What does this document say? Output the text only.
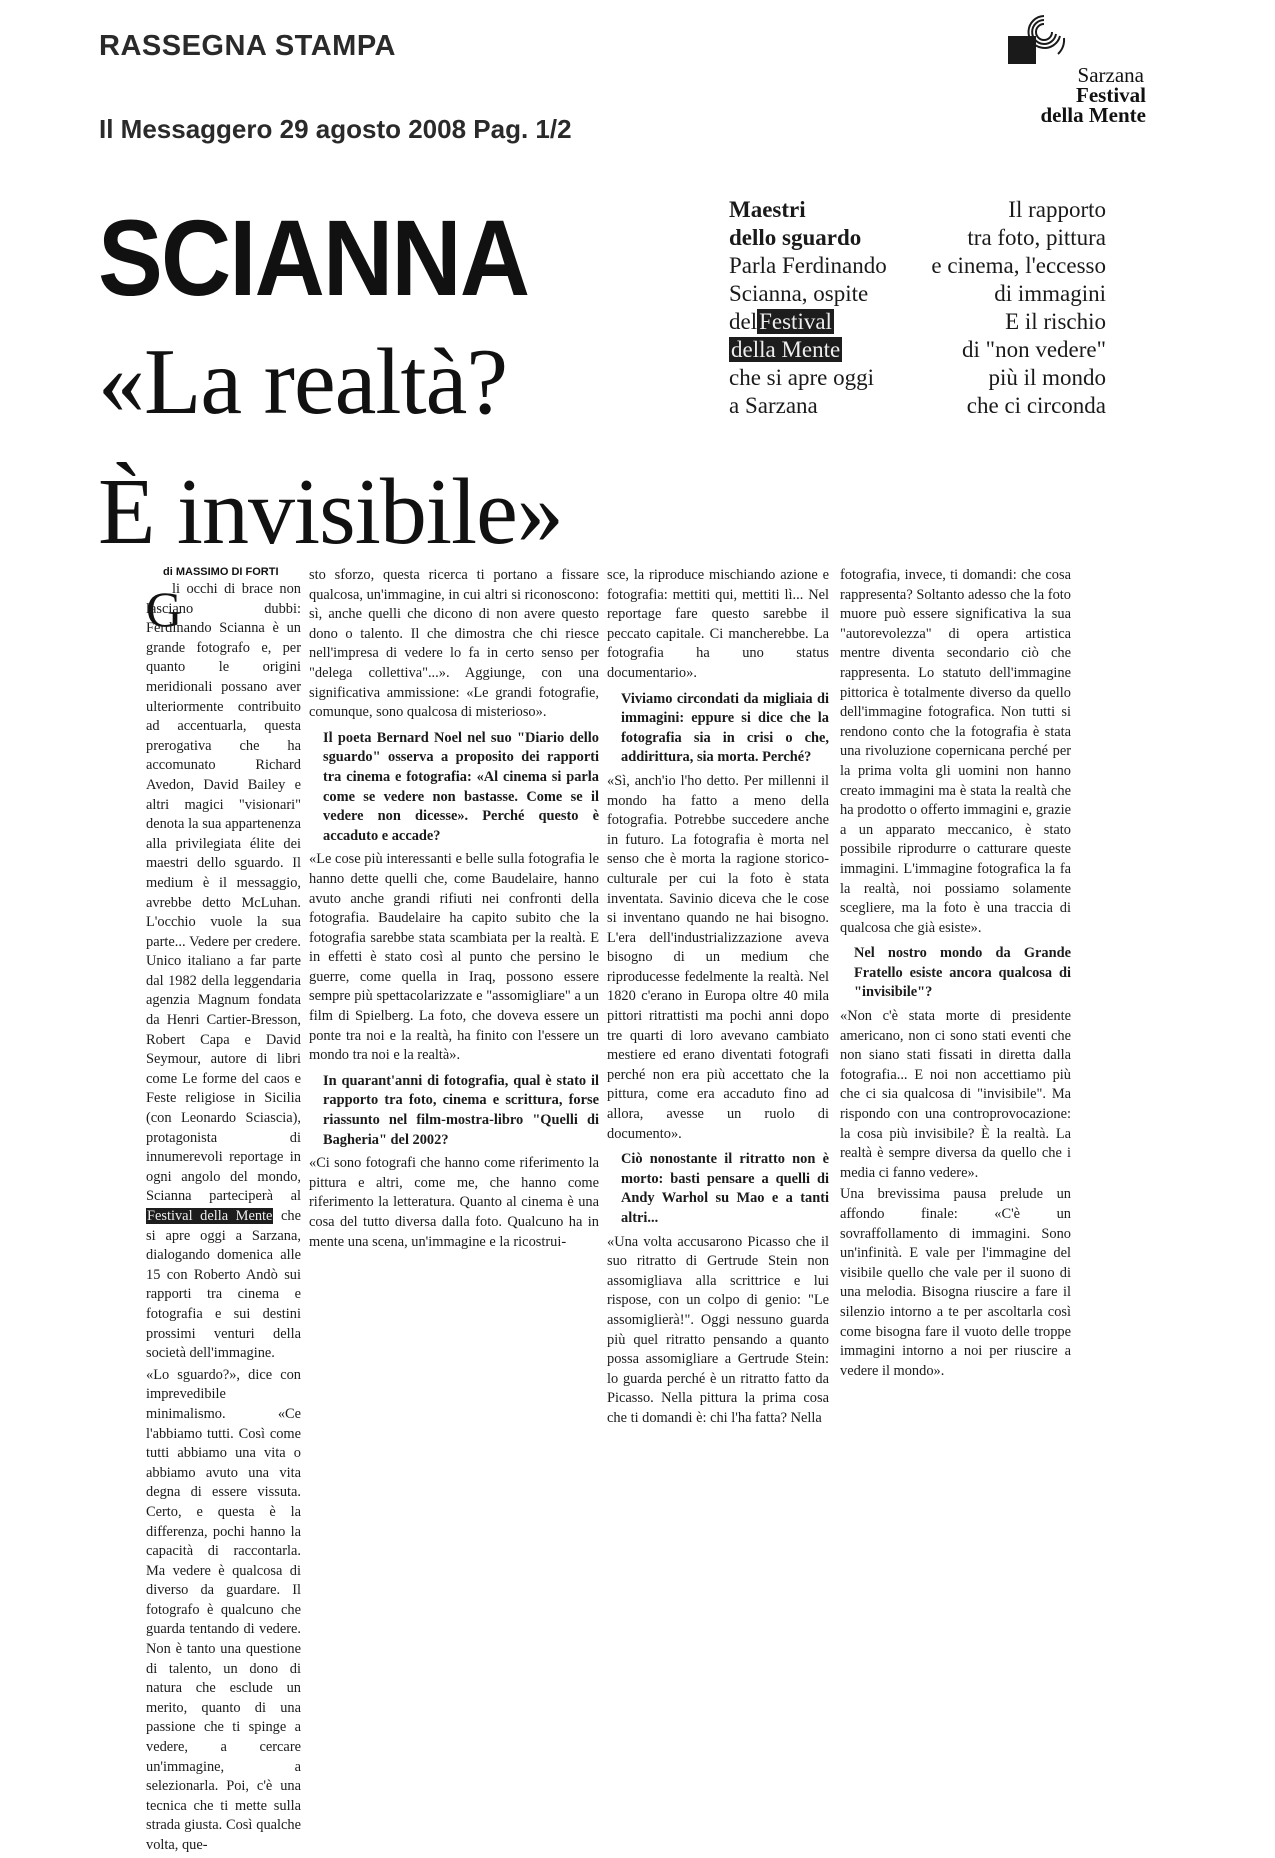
RASSEGNA STAMPA
Il Messaggero 29 agosto 2008 Pag. 1/2
Sarzana
Festival
della Mente
SCIANNA
«La realtà?
È invisibile»
Maestri
dello sguardo
Parla Ferdinando
Scianna, ospite
delFestival
della Mente
che si apre oggi
a Sarzana
Il rapporto
tra foto, pittura
e cinema, l'eccesso
di immagini
E il rischio
di "non vedere"
più il mondo
che ci circonda
di MASSIMO DI FORTI
G

li occhi di brace non lasciano dubbi: Ferdinando Scianna è un grande fotografo e, per quanto le origini meridionali possano aver ulteriormente contribuito ad accentuarla, questa prerogativa che ha accomunato Richard Avedon, David Bailey e altri magici "visionari" denota la sua appartenenza alla privilegiata élite dei maestri dello sguardo. Il medium è il messaggio, avrebbe detto McLuhan. L'occhio vuole la sua parte... Vedere per credere. Unico italiano a far parte dal 1982 della leggendaria agenzia Magnum fondata da Henri Cartier-Bresson, Robert Capa e David Seymour, autore di libri come Le forme del caos e Feste religiose in Sicilia (con Leonardo Sciascia), protagonista di innumerevoli reportage in ogni angolo del mondo, Scianna parteciperà al Festival della Mente che si apre oggi a Sarzana, dialogando domenica alle 15 con Roberto Andò sui rapporti tra cinema e fotografia e sui destini prossimi venturi della società dell'immagine.

«Lo sguardo?», dice con imprevedibile minimalismo. «Ce l'abbiamo tutti. Così come tutti abbiamo una vita o abbiamo avuto una vita degna di essere vissuta. Certo, e questa è la differenza, pochi hanno la capacità di raccontarla. Ma vedere è qualcosa di diverso da guardare. Il fotografo è qualcuno che guarda tentando di vedere. Non è tanto una questione di talento, un dono di natura che esclude un merito, quanto di una passione che ti spinge a vedere, a cercare un'immagine, a selezionarla. Poi, c'è una tecnica che ti mette sulla strada giusta. Così qualche volta, que-

sto sforzo, questa ricerca ti portano a fissare qualcosa, un'immagine, in cui altri si riconoscono: sì, anche quelli che dicono di non avere questo dono o talento. Il che dimostra che chi riesce nell'impresa di vedere lo fa in certo senso per "delega collettiva"...». Aggiunge, con una significativa ammissione: «Le grandi fotografie, comunque, sono qualcosa di misterioso».

Il poeta Bernard Noel nel suo "Diario dello sguardo" osserva a proposito dei rapporti tra cinema e fotografia: «Al cinema si parla come se vedere non bastasse. Come se il vedere non dicesse». Perché questo è accaduto e accade?

«Le cose più interessanti e belle sulla fotografia le hanno dette quelli che, come Baudelaire, hanno avuto anche grandi rifiuti nei confronti della fotografia. Baudelaire ha capito subito che la fotografia sarebbe stata scambiata per la realtà. E in effetti è stato così al punto che persino le guerre, come quella in Iraq, possono essere sempre più spettacolarizzate e "assomigliare" a un film di Spielberg. La foto, che doveva essere un ponte tra noi e la realtà, ha finito con l'essere un mondo tra noi e la realtà».

In quarant'anni di fotografia, qual è stato il rapporto tra foto, cinema e scrittura, forse riassunto nel film-mostra-libro "Quelli di Bagheria" del 2002?

«Ci sono fotografi che hanno come riferimento la pittura e altri, come me, che hanno come riferimento la letteratura. Quanto al cinema è una cosa del tutto diversa dalla foto. Qualcuno ha in mente una scena, un'immagine e la ricostrui-

sce, la riproduce mischiando azione e fotografia: mettiti qui, mettiti lì... Nel reportage fare questo sarebbe il peccato capitale. Ci mancherebbe. La fotografia ha uno status documentario».

Viviamo circondati da migliaia di immagini: eppure si dice che la fotografia sia in crisi o che, addirittura, sia morta. Perché?

«Sì, anch'io l'ho detto. Per millenni il mondo ha fatto a meno della fotografia. Potrebbe succedere anche in futuro. La fotografia è morta nel senso che è morta la ragione storico-culturale per cui la foto è stata inventata. Savinio diceva che le cose si inventano quando ne hai bisogno. L'era dell'industrializzazione aveva bisogno di un medium che riproducesse fedelmente la realtà. Nel 1820 c'erano in Europa oltre 40 mila pittori ritrattisti ma pochi anni dopo tre quarti di loro avevano cambiato mestiere ed erano diventati fotografi perché non era più accettato che la pittura, come era accaduto fino ad allora, avesse un ruolo di documento».

Ciò nonostante il ritratto non è morto: basti pensare a quelli di Andy Warhol su Mao e a tanti altri...

«Una volta accusarono Picasso che il suo ritratto di Gertrude Stein non assomigliava alla scrittrice e lui rispose, con un colpo di genio: "Le assomiglierà!". Oggi nessuno guarda più quel ritratto pensando a quanto possa assomigliare a Gertrude Stein: lo guarda perché è un ritratto fatto da Picasso. Nella pittura la prima cosa che ti domandi è: chi l'ha fatta? Nella

fotografia, invece, ti domandi: che cosa rappresenta? Soltanto adesso che la foto muore può essere significativa la sua "autorevolezza" di opera artistica mentre diventa secondario ciò che rappresenta. Lo statuto dell'immagine pittorica è totalmente diverso da quello dell'immagine fotografica. Non tutti si rendono conto che la fotografia è stata una rivoluzione copernicana perché per la prima volta gli uomini non hanno creato immagini ma è stata la realtà che ha prodotto o offerto immagini e, grazie a un apparato meccanico, è stato possibile riprodurre o catturare queste immagini. L'immagine fotografica la fa la realtà, noi possiamo solamente scegliere, ma la foto è una traccia di qualcosa che già esiste».

Nel nostro mondo da Grande Fratello esiste ancora qualcosa di "invisibile"?

«Non c'è stata morte di presidente americano, non ci sono stati eventi che non siano stati fissati in diretta dalla fotografia... E noi non accettiamo più che ci sia qualcosa di "invisibile". Ma rispondo con una controprovocazione: la cosa più invisibile? È la realtà. La realtà è sempre diversa da quello che i media ci fanno vedere».

Una brevissima pausa prelude un affondo finale: «C'è un sovraffollamento di immagini. Sono un'infinità. E vale per l'immagine del visibile quello che vale per il suono di una melodia. Bisogna riuscire a fare il silenzio intorno a te per ascoltarla così come bisogna fare il vuoto delle troppe immagini intorno a noi per riuscire a vedere il mondo».
